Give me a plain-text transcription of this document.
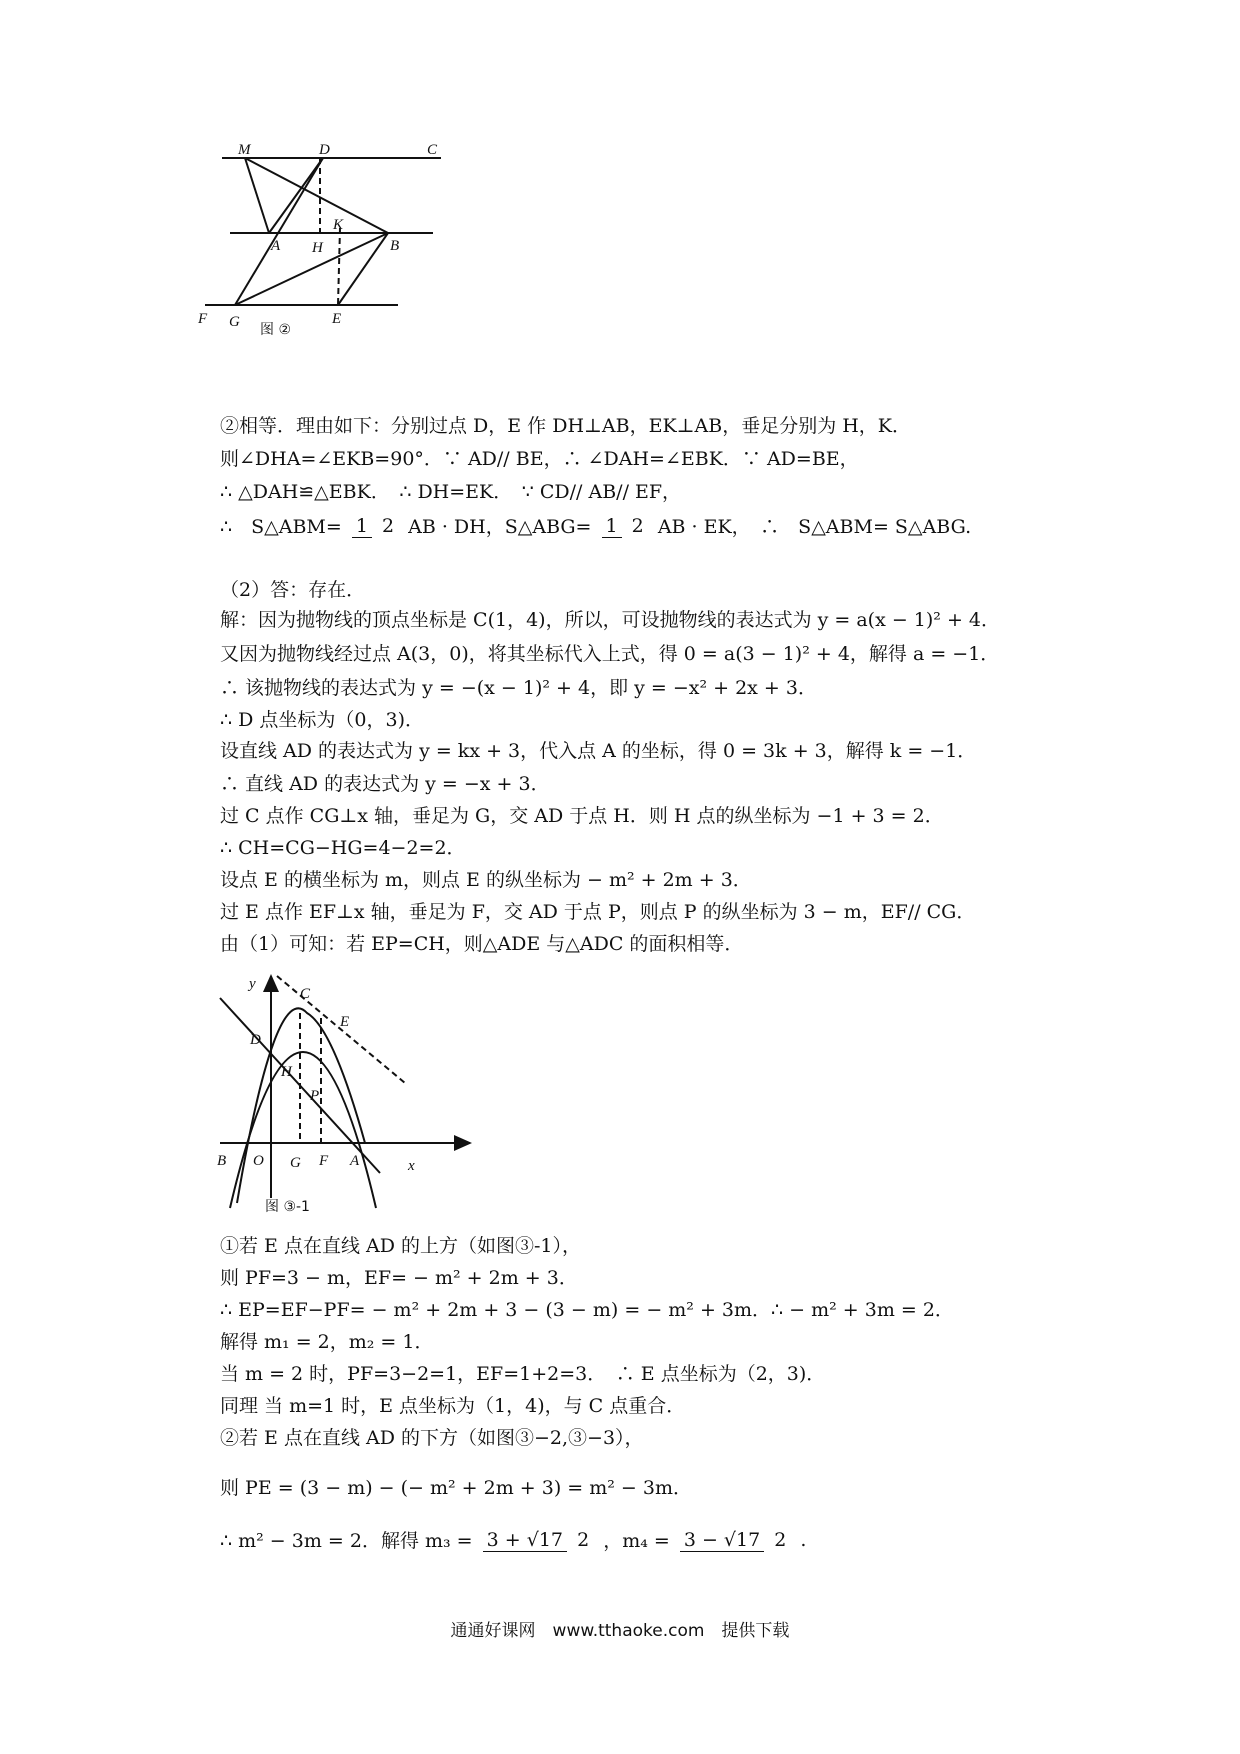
M	D	C
K
A H	B
F G	E
图 ②
②相等．理由如下：分别过点 D，E 作 DH⊥AB，EK⊥AB，垂足分别为 H，K．
则∠DHA=∠EKB=90°．∵ AD// BE，∴ ∠DAH=∠EBK．∵ AD=BE，
∴ △DAH≌△EBK．　∴ DH=EK．　∵ CD// AB// EF，
∴　S△ABM= 1 2 AB · DH，S△ABG= 1 2 AB · EK，　∴　S△ABM= S△ABG.
（2）答：存在．
解：因为抛物线的顶点坐标是 C(1，4)，所以，可设抛物线的表达式为 y = a(x − 1)² + 4．
又因为抛物线经过点 A(3，0)，将其坐标代入上式，得 0 = a(3 − 1)² + 4，解得 a = −1．
∴ 该抛物线的表达式为 y = −(x − 1)² + 4，即 y = −x² + 2x + 3．
∴ D 点坐标为（0，3)．
设直线 AD 的表达式为 y = kx + 3，代入点 A 的坐标，得 0 = 3k + 3，解得 k = −1．
∴ 直线 AD 的表达式为 y = −x + 3．
过 C 点作 CG⊥x 轴，垂足为 G，交 AD 于点 H．则 H 点的纵坐标为 −1 + 3 = 2．
∴ CH=CG−HG=4−2=2．
设点 E 的横坐标为 m，则点 E 的纵坐标为 − m² + 2m + 3．
过 E 点作 EF⊥x 轴，垂足为 F，交 AD 于点 P，则点 P 的纵坐标为 3 − m，EF// CG．
由（1）可知：若 EP=CH，则△ADE 与△ADC 的面积相等．
y
C
E
D
H
P
B O G F A	x
图 ③-1
①若 E 点在直线 AD 的上方（如图③-1），
则 PF=3 − m，EF= − m² + 2m + 3．
∴ EP=EF−PF= − m² + 2m + 3 − (3 − m) = − m² + 3m．∴ − m² + 3m = 2．
解得 m₁ = 2，m₂ = 1．
当 m = 2 时，PF=3−2=1，EF=1+2=3．　∴ E 点坐标为（2，3)．
同理 当 m=1 时，E 点坐标为（1，4)，与 C 点重合．
②若 E 点在直线 AD 的下方（如图③−2,③−3），
则 PE = (3 − m) − (− m² + 2m + 3) = m² − 3m．
∴ m² − 3m = 2．解得 m₃ = 3 + √17 2 ，m₄ = 3 − √17 2 .
通通好课网　www.tthaoke.com　提供下载
